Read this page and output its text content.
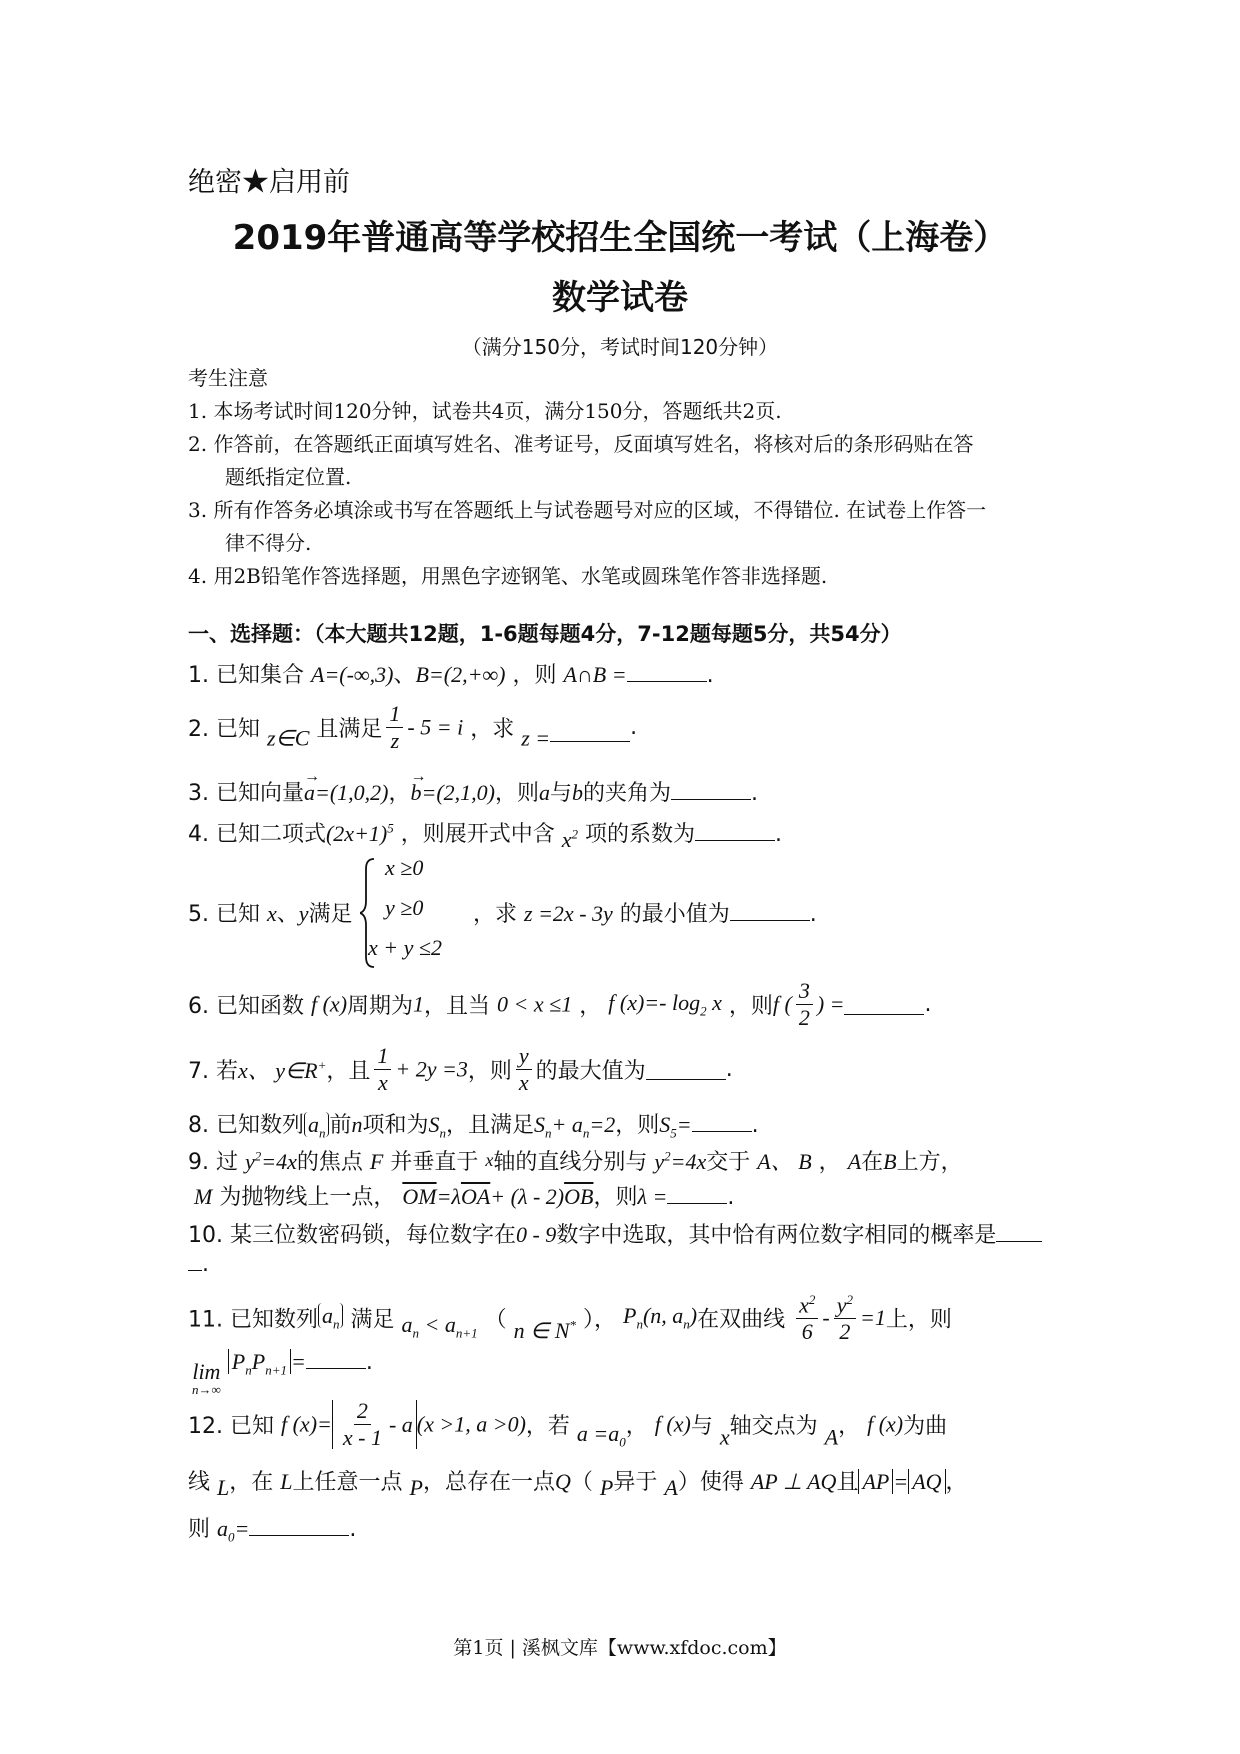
绝密★启用前
2019年普通高等学校招生全国统一考试（上海卷）
数学试卷
（满分150分，考试时间120分钟）
考生注意
1. 本场考试时间120分钟，试卷共4页，满分150分，答题纸共2页.
2. 作答前，在答题纸正面填写姓名、准考证号，反面填写姓名，将核对后的条形码贴在答
题纸指定位置.
3. 所有作答务必填涂或书写在答题纸上与试卷题号对应的区域，不得错位. 在试卷上作答一
律不得分.
4. 用2B铅笔作答选择题，用黑色字迹钢笔、水笔或圆珠笔作答非选择题.
一、选择题：（本大题共12题，1-6题每题4分，7-12题每题5分，共54分）
1. 已知集合 A=(-∞,3)、B=(2,+∞) ，则 A∩B =	.
2. 已知 z∈C 且满足 $\frac{1}{z} - 5 = i$ ，求 z =	.
3. 已知向量
→
a=(1,0,2)，
→
b=(2,1,0)，则a与b的夹角为	.
4. 已知二项式$(2x+1)^5$ ，则展开式中含 $x^2$ 项的系数为	.
5. 已知 x、y满足
x ≥0
y ≥0
x + y ≤2
，求 z =2x - 3y 的最小值为	.
6. 已知函数 f (x)周期为1，且当 0 < x ≤1 ， f (x)=- $\log_2 x$ ，则f ( $\frac{3}{2}$ ) =	.
7. 若x、 y∈R+，且 $\frac{1}{x} + 2y =3$，则 $\frac{y}{x}$ 的最大值为	.
8. 已知数列 $a_n$ 前n项和为$S_n$，且满足$S_n+ a_n=2$，则$S_5=$	.
9. 过 $y^2=4x$的焦点 F 并垂直于 x轴的直线分别与 $y^2=4x$交于 A、 B ， A在B上方，
M 为抛物线上一点， $\overline{OM}=\lambda\overline{OA}+ (\lambda - 2)\overline{OB}$，则λ =	.
10. 某三位数密码锁，每位数字在0 - 9数字中选取，其中恰有两位数字相同的概率是
.
11. 已知数列 $a_n$ 满足 $a_n < a_{n+1}$ （ n ∈ N* ）， $P_n(n$, $a_n$)在双曲线 $\frac{x^2}{6} - \frac{y^2}{2} =1$上，则
lim
n→∞
$P_nP_{n+1}$ =	.
12. 已知 f $(x)= \frac{2}{x - 1} - a$ (x >1, a >0)，若 $a =a_0$， f (x)与 x轴交点为 A， f (x)为曲
线 L，在 L上任意一点 P，总存在一点Q（ P异于 A）使得 AP ⊥ AQ且 AP = AQ ，
则 $a_0=$	.
第1页 | 溪枫文库【www.xfdoc.com】
